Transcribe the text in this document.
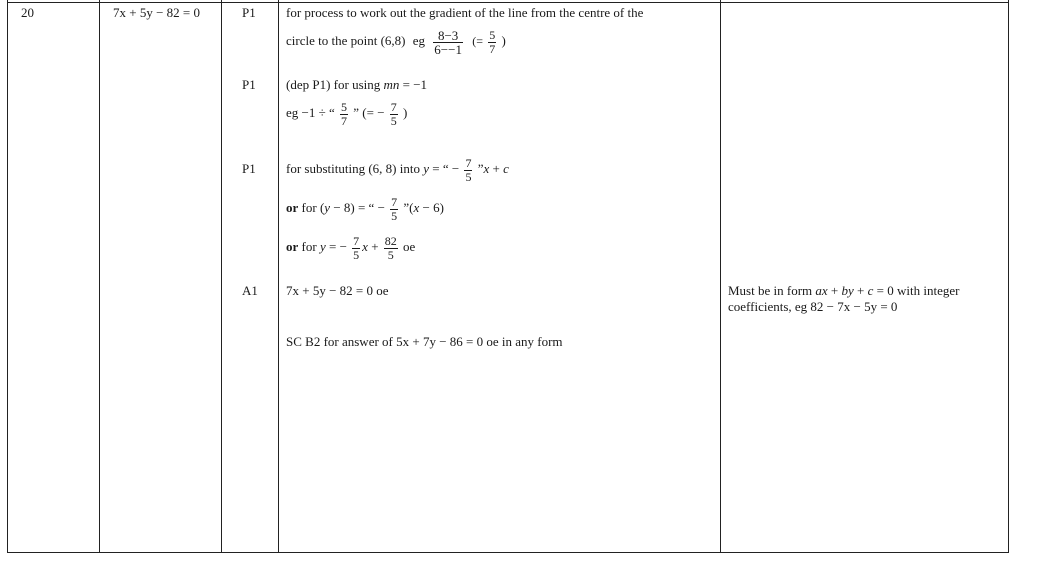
20	7x + 5y − 82 = 0	P1
P1
P1
A1
for process to work out the gradient of the line from the centre of the
circle to the point (6,8) eg $\frac{8-3}{6--1}$ (= $\frac{5}{7}$ )
(dep P1) for using mn = −1
eg −1 ÷ “ $\frac{5}{7}$ ” (= − $\frac{7}{5}$ )
for substituting (6, 8) into y = “ − $\frac{7}{5}$ ”x + c
or for (y − 8) = “ − $\frac{7}{5}$ ”(x − 6)
or for y = − $\frac{7}{5}$ $x + \frac{82}{5}$ oe
7x + 5y − 82 = 0 oe
SC B2 for answer of 5x + 7y − 86 = 0 oe in any form
Must be in form ax + by + c = 0 with integer
coefficients, eg 82 − 7x − 5y = 0
